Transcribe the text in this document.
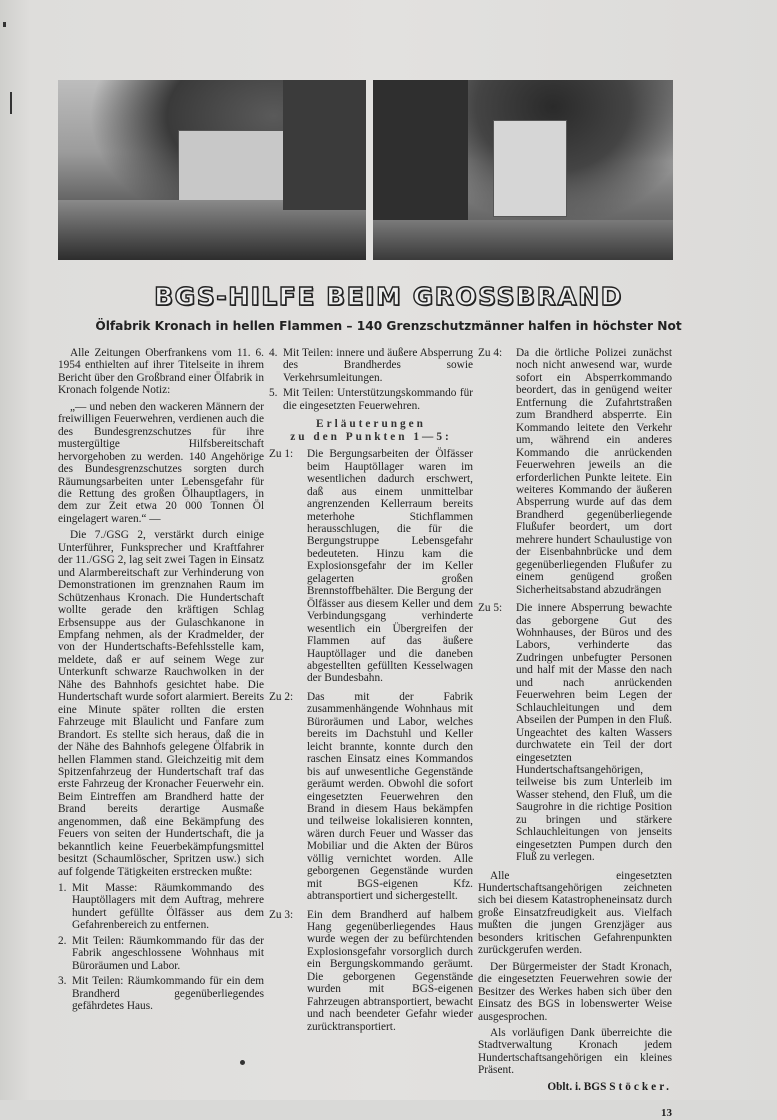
BGS-HILFE BEIM GROSSBRAND
Ölfabrik Kronach in hellen Flammen – 140 Grenzschutzmänner halfen in höchster Not

Alle Zeitungen Oberfrankens vom 11. 6. 1954 enthielten auf ihrer Titelseite in ihrem Bericht über den Großbrand einer Ölfabrik in Kronach folgende Notiz:

„— und neben den wackeren Männern der freiwilligen Feuerwehren, verdienen auch die des Bundesgrenzschutzes für ihre mustergültige Hilfsbereitschaft hervorgehoben zu werden. 140 Angehörige des Bundesgrenzschutzes sorgten durch Räumungsarbeiten unter Lebensgefahr für die Rettung des großen Ölhauptlagers, in dem zur Zeit etwa 20 000 Tonnen Öl eingelagert waren.“ —

Die 7./GSG 2, verstärkt durch einige Unterführer, Funksprecher und Kraftfahrer der 11./GSG 2, lag seit zwei Tagen in Einsatz und Alarmbereitschaft zur Verhinderung von Demonstrationen im grenznahen Raum im Schützenhaus Kronach. Die Hundertschaft wollte gerade den kräftigen Schlag Erbsensuppe aus der Gulaschkanone in Empfang nehmen, als der Kradmelder, der von der Hundertschafts-Befehlsstelle kam, meldete, daß er auf seinem Wege zur Unterkunft schwarze Rauchwolken in der Nähe des Bahnhofs gesichtet habe. Die Hundertschaft wurde sofort alarmiert. Bereits eine Minute später rollten die ersten Fahrzeuge mit Blaulicht und Fanfare zum Brandort. Es stellte sich heraus, daß die in der Nähe des Bahnhofs gelegene Ölfabrik in hellen Flammen stand. Gleichzeitig mit dem Spitzenfahrzeug der Hundertschaft traf das erste Fahrzeug der Kronacher Feuerwehr ein. Beim Eintreffen am Brandherd hatte der Brand bereits derartige Ausmaße angenommen, daß eine Bekämpfung des Feuers von seiten der Hundertschaft, die ja bekanntlich keine Feuerbekämpfungsmittel besitzt (Schaumlöscher, Spritzen usw.) sich auf folgende Tätigkeiten erstrecken mußte:

1. Mit Masse: Räumkommando des Hauptöllagers mit dem Auftrag, mehrere hundert gefüllte Ölfässer aus dem Gefahrenbereich zu entfernen.
2. Mit Teilen: Räumkommando für das der Fabrik angeschlossene Wohnhaus mit Büroräumen und Labor.
3. Mit Teilen: Räumkommando für ein dem Brandherd gegenüberliegendes gefährdetes Haus.
4. Mit Teilen: innere und äußere Absperrung des Brandherdes sowie Verkehrsumleitungen.
5. Mit Teilen: Unterstützungskommando für die eingesetzten Feuerwehren.
Erläuterungen
zu den Punkten 1—5:
Zu 1:	Die Bergungsarbeiten der Ölfässer beim Hauptöllager waren im wesentlichen dadurch erschwert, daß aus einem unmittelbar angrenzenden Kellerraum bereits meterhohe Stichflammen herausschlugen, die für die Bergungstruppe Lebensgefahr bedeuteten. Hinzu kam die Explosionsgefahr der im Keller gelagerten großen Brennstoffbehälter. Die Bergung der Ölfässer aus diesem Keller und dem Verbindungsgang verhinderte wesentlich ein Übergreifen der Flammen auf das äußere Hauptöllager und die daneben abgestellten gefüllten Kesselwagen der Bundesbahn.
Zu 2:	Das mit der Fabrik zusammenhängende Wohnhaus mit Büroräumen und Labor, welches bereits im Dachstuhl und Keller leicht brannte, konnte durch den raschen Einsatz eines Kommandos bis auf unwesentliche Gegenstände geräumt werden. Obwohl die sofort eingesetzten Feuerwehren den Brand in diesem Haus bekämpfen und teilweise lokalisieren konnten, wären durch Feuer und Wasser das Mobiliar und die Akten der Büros völlig vernichtet worden. Alle geborgenen Gegenstände wurden mit BGS-eigenen Kfz. abtransportiert und sichergestellt.
Zu 3:	Ein dem Brandherd auf halbem Hang gegenüberliegendes Haus wurde wegen der zu befürchtenden Explosionsgefahr vorsorglich durch ein Bergungskommando geräumt. Die geborgenen Gegenstände wurden mit BGS-eigenen Fahrzeugen abtransportiert, bewacht und nach beendeter Gefahr wieder zurücktransportiert.
Zu 4:	Da die örtliche Polizei zunächst noch nicht anwesend war, wurde sofort ein Absperrkommando beordert, das in genügend weiter Entfernung die Zufahrtstraßen zum Brandherd absperrte. Ein Kommando leitete den Verkehr um, während ein anderes Kommando die anrückenden Feuerwehren jeweils an die erforderlichen Punkte leitete. Ein weiteres Kommando der äußeren Absperrung wurde auf das dem Brandherd gegenüberliegende Flußufer beordert, um dort mehrere hundert Schaulustige von der Eisenbahnbrücke und dem gegenüberliegenden Flußufer zu einem genügend großen Sicherheitsabstand abzudrängen
Zu 5:	Die innere Absperrung bewachte das geborgene Gut des Wohnhauses, der Büros und des Labors, verhinderte das Zudringen unbefugter Personen und half mit der Masse den nach und nach anrückenden Feuerwehren beim Legen der Schlauchleitungen und dem Abseilen der Pumpen in den Fluß. Ungeachtet des kalten Wassers durchwatete ein Teil der dort eingesetzten Hundertschaftsangehörigen, teilweise bis zum Unterleib im Wasser stehend, den Fluß, um die Saugrohre in die richtige Position zu bringen und stärkere Schlauchleitungen von jenseits eingesetzten Pumpen durch den Fluß zu verlegen.

Alle eingesetzten Hundertschaftsangehörigen zeichneten sich bei diesem Katastropheneinsatz durch große Einsatzfreudigkeit aus. Vielfach mußten die jungen Grenzjäger aus besonders kritischen Gefahrenpunkten zurückgerufen werden.

Der Bürgermeister der Stadt Kronach, die eingesetzten Feuerwehren sowie der Besitzer des Werkes haben sich über den Einsatz des BGS in lobenswerter Weise ausgesprochen.

Als vorläufigen Dank überreichte die Stadtverwaltung Kronach jedem Hundertschaftsangehörigen ein kleines Präsent.

Oblt. i. BGS Stöcker.
13
